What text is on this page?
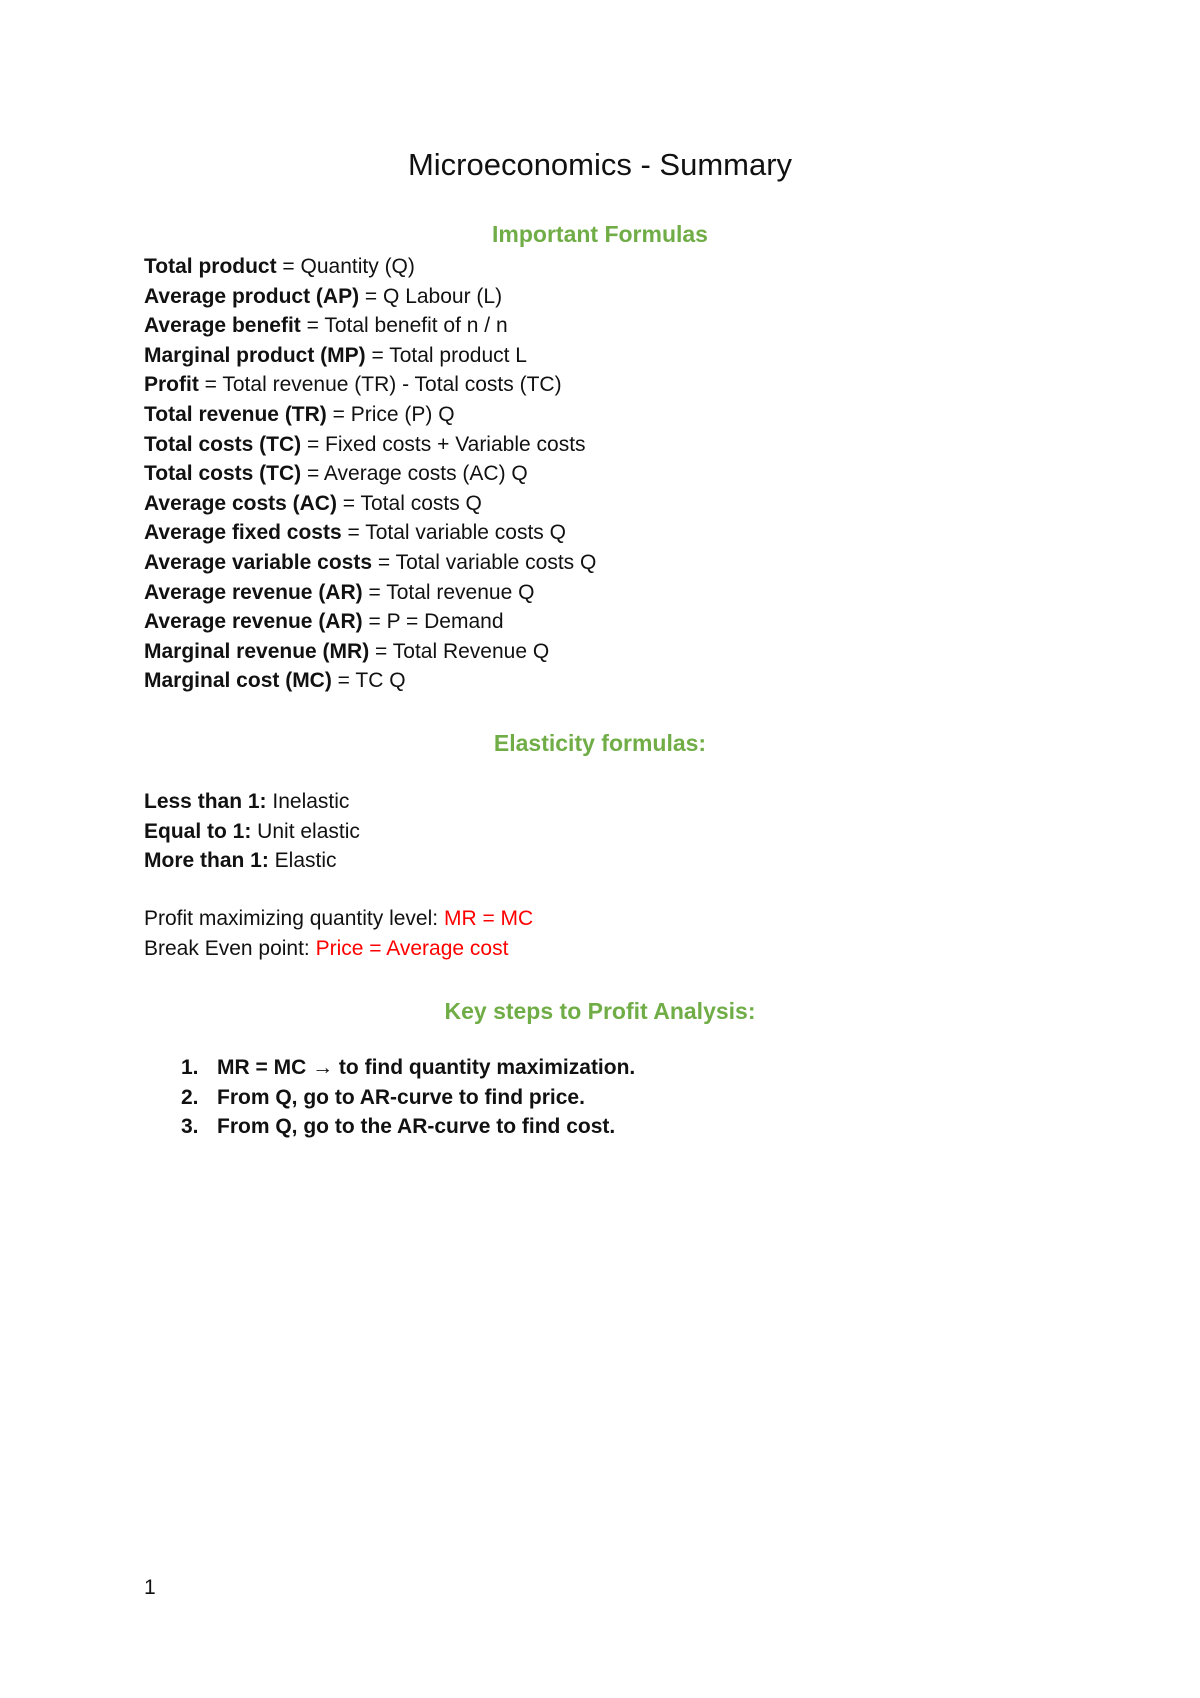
Microeconomics - Summary
Important Formulas
Total product = Quantity (Q)
Average product (AP) = Q Labour (L)
Average benefit = Total benefit of n / n
Marginal product (MP) = Total product L
Profit = Total revenue (TR) - Total costs (TC)
Total revenue (TR) = Price (P) Q
Total costs (TC) = Fixed costs + Variable costs
Total costs (TC) = Average costs (AC) Q
Average costs (AC) = Total costs Q
Average fixed costs = Total variable costs Q
Average variable costs = Total variable costs Q
Average revenue (AR) = Total revenue Q
Average revenue (AR) = P = Demand
Marginal revenue (MR) = Total Revenue Q
Marginal cost (MC) = TC Q
Elasticity formulas:
Less than 1: Inelastic
Equal to 1: Unit elastic
More than 1: Elastic
Profit maximizing quantity level: MR = MC
Break Even point: Price = Average cost
Key steps to Profit Analysis:
1. MR = MC → to find quantity maximization.
2. From Q, go to AR-curve to find price.
3. From Q, go to the AR-curve to find cost.
1
